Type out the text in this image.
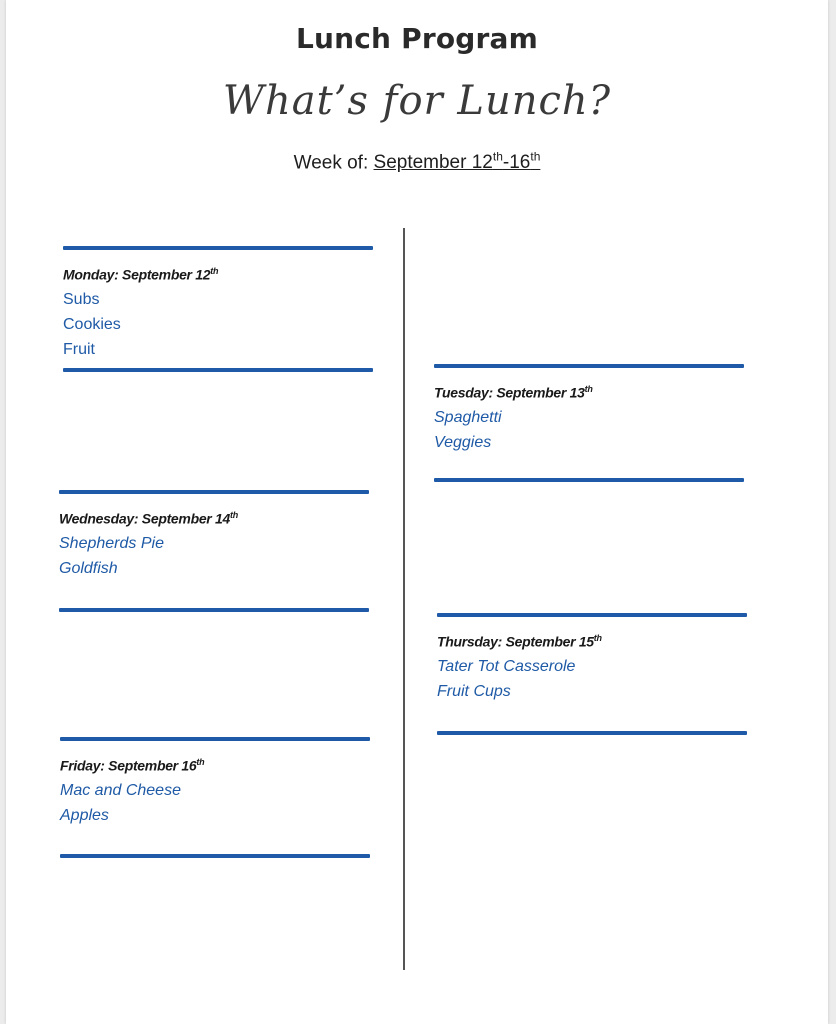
Lunch Program
What’s for Lunch?
Week of: September 12th-16th
Monday: September 12th
Subs
Cookies
Fruit
Tuesday: September 13th
Spaghetti
Veggies
Wednesday: September 14th
Shepherds Pie
Goldfish
Thursday: September 15th
Tater Tot Casserole
Fruit Cups
Friday: September 16th
Mac and Cheese
Apples
